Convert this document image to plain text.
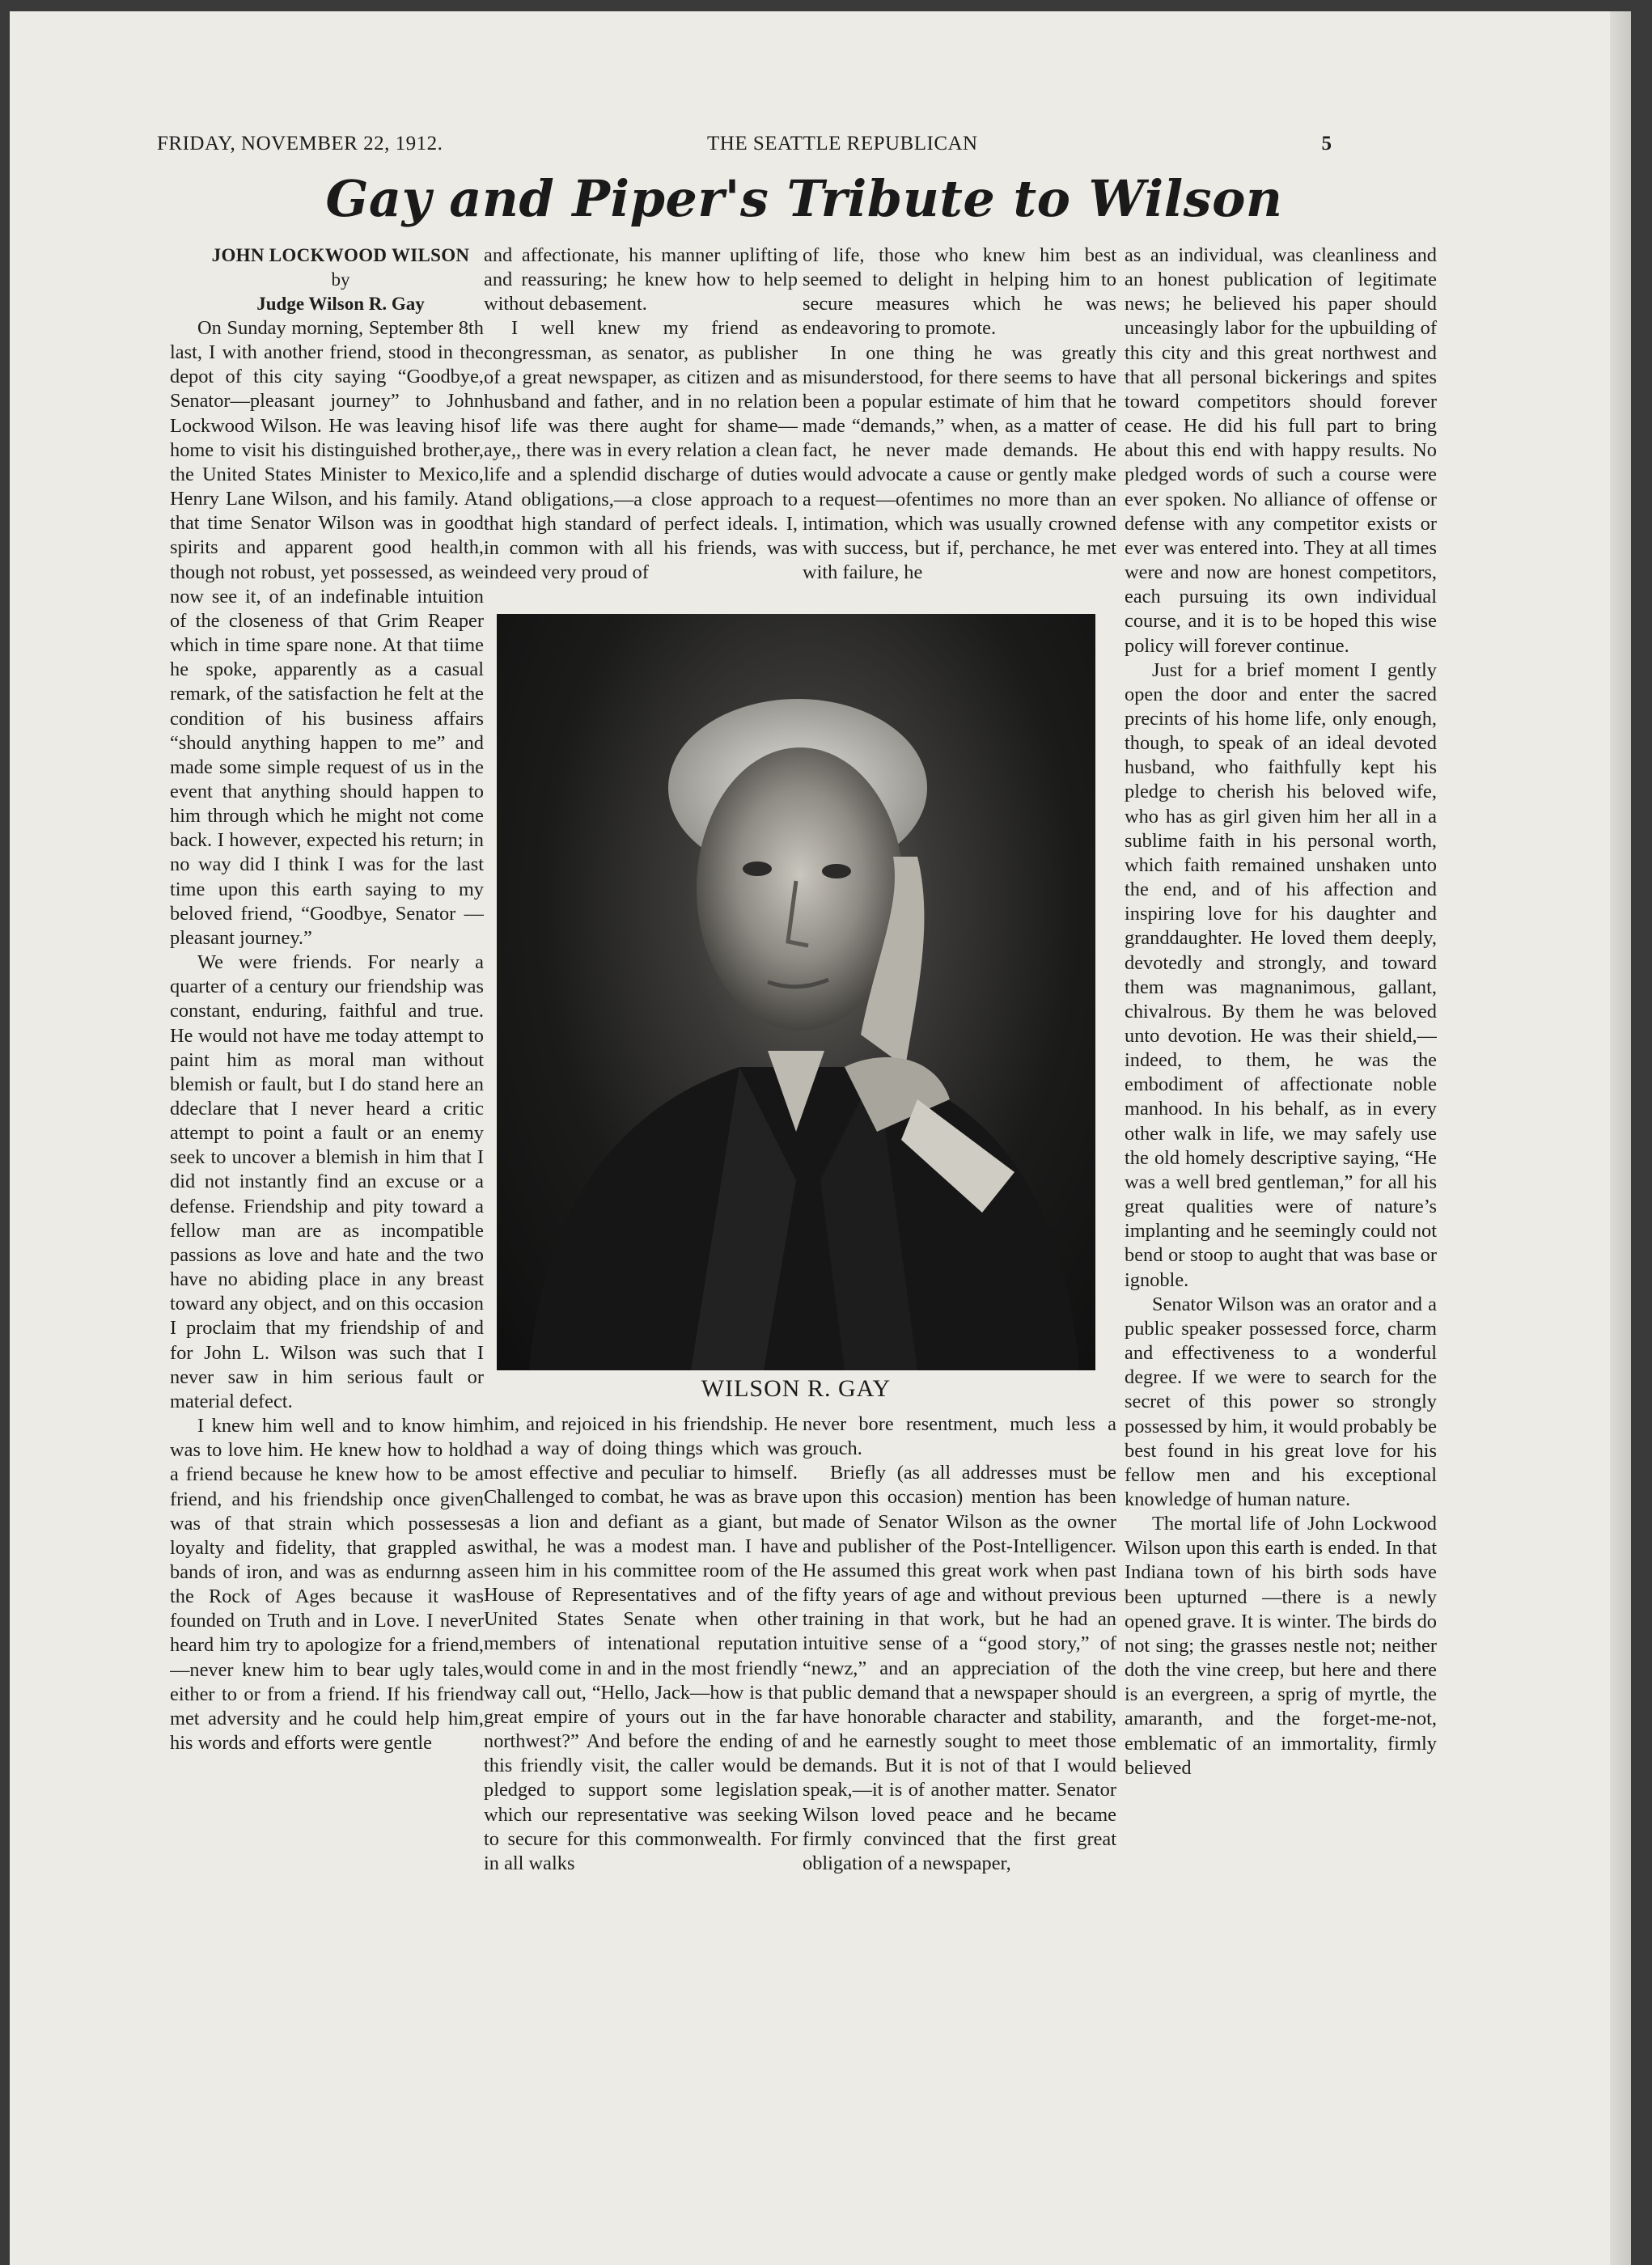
FRIDAY, NOVEMBER 22, 1912.	THE SEATTLE REPUBLICAN	5
Gay and Piper's Tribute to Wilson

JOHN LOCKWOOD WILSON

by

Judge Wilson R. Gay

On Sunday morning, September 8th last, I with another friend, stood in the depot of this city saying “Goodbye, Senator—pleasant journey” to John Lockwood Wilson. He was leaving his home to visit his distinguished brother, the United States Minister to Mexico, Henry Lane Wilson, and his family. At that time Senator Wilson was in good spirits and apparent good health, though not robust, yet possessed, as we now see it, of an indefinable intuition of the closeness of that Grim Reaper which in time spare none. At that tiime he spoke, apparently as a casual remark, of the satisfaction he felt at the condition of his business affairs “should anything happen to me” and made some simple request of us in the event that anything should happen to him through which he might not come back. I however, expected his return; in no way did I think I was for the last time upon this earth saying to my beloved friend, “Goodbye, Senator —pleasant journey.”

We were friends. For nearly a quarter of a century our friendship was constant, enduring, faithful and true. He would not have me today attempt to paint him as moral man without blemish or fault, but I do stand here an ddeclare that I never heard a critic attempt to point a fault or an enemy seek to uncover a blemish in him that I did not instantly find an excuse or a defense. Friendship and pity toward a fellow man are as incompatible passions as love and hate and the two have no abiding place in any breast toward any object, and on this occasion I proclaim that my friendship of and for John L. Wilson was such that I never saw in him serious fault or material defect.

I knew him well and to know him was to love him. He knew how to hold a friend because he knew how to be a friend, and his friendship once given was of that strain which possesses loyalty and fidelity, that grappled as bands of iron, and was as endurnng as the Rock of Ages because it was founded on Truth and in Love. I never heard him try to apologize for a friend,—never knew him to bear ugly tales, either to or from a friend. If his friend met adversity and he could help him, his words and efforts were gentle

and affectionate, his manner uplifting and reassuring; he knew how to help without debasement.

I well knew my friend as congressman, as senator, as publisher of a great newspaper, as citizen and as husband and father, and in no relation of life was there aught for shame—aye,, there was in every relation a clean life and a splendid discharge of duties and obligations,—a close approach to that high standard of perfect ideals. I, in common with all his friends, was indeed very proud of

of life, those who knew him best seemed to delight in helping him to secure measures which he was endeavoring to promote.

In one thing he was greatly misunderstood, for there seems to have been a popular estimate of him that he made “demands,” when, as a matter of fact, he never made demands. He would advocate a cause or gently make a request—ofentimes no more than an intimation, which was usually crowned with success, but if, perchance, he met with failure, he

WILSON R. GAY

him, and rejoiced in his friendship. He had a way of doing things which was most effective and peculiar to himself. Challenged to combat, he was as brave as a lion and defiant as a giant, but withal, he was a modest man. I have seen him in his committee room of the House of Representatives and of the United States Senate when other members of intenational reputation would come in and in the most friendly way call out, “Hello, Jack—how is that great empire of yours out in the far northwest?” And before the ending of this friendly visit, the caller would be pledged to support some legislation which our representative was seeking to secure for this commonwealth. For in all walks

never bore resentment, much less a grouch.

Briefly (as all addresses must be upon this occasion) mention has been made of Senator Wilson as the owner and publisher of the Post-Intelligencer. He assumed this great work when past fifty years of age and without previous training in that work, but he had an intuitive sense of a “good story,” of “newz,” and an appreciation of the public demand that a newspaper should have honorable character and stability, and he earnestly sought to meet those demands. But it is not of that I would speak,—it is of another matter. Senator Wilson loved peace and he became firmly convinced that the first great obligation of a newspaper,

as an individual, was cleanliness and an honest publication of legitimate news; he believed his paper should unceasingly labor for the upbuilding of this city and this great northwest and that all personal bickerings and spites toward competitors should forever cease. He did his full part to bring about this end with happy results. No pledged words of such a course were ever spoken. No alliance of offense or defense with any competitor exists or ever was entered into. They at all times were and now are honest competitors, each pursuing its own individual course, and it is to be hoped this wise policy will forever continue.

Just for a brief moment I gently open the door and enter the sacred precints of his home life, only enough, though, to speak of an ideal devoted husband, who faithfully kept his pledge to cherish his beloved wife, who has as girl given him her all in a sublime faith in his personal worth, which faith remained unshaken unto the end, and of his affection and inspiring love for his daughter and granddaughter. He loved them deeply, devotedly and strongly, and toward them was magnanimous, gallant, chivalrous. By them he was beloved unto devotion. He was their shield,—indeed, to them, he was the embodiment of affectionate noble manhood. In his behalf, as in every other walk in life, we may safely use the old homely descriptive saying, “He was a well bred gentleman,” for all his great qualities were of nature’s implanting and he seemingly could not bend or stoop to aught that was base or ignoble.

Senator Wilson was an orator and a public speaker possessed force, charm and effectiveness to a wonderful degree. If we were to search for the secret of this power so strongly possessed by him, it would probably be best found in his great love for his fellow men and his exceptional knowledge of human nature.

The mortal life of John Lockwood Wilson upon this earth is ended. In that Indiana town of his birth sods have been upturned —there is a newly opened grave. It is winter. The birds do not sing; the grasses nestle not; neither doth the vine creep, but here and there is an evergreen, a sprig of myrtle, the amaranth, and the forget-me-not, emblematic of an immortality, firmly believed
